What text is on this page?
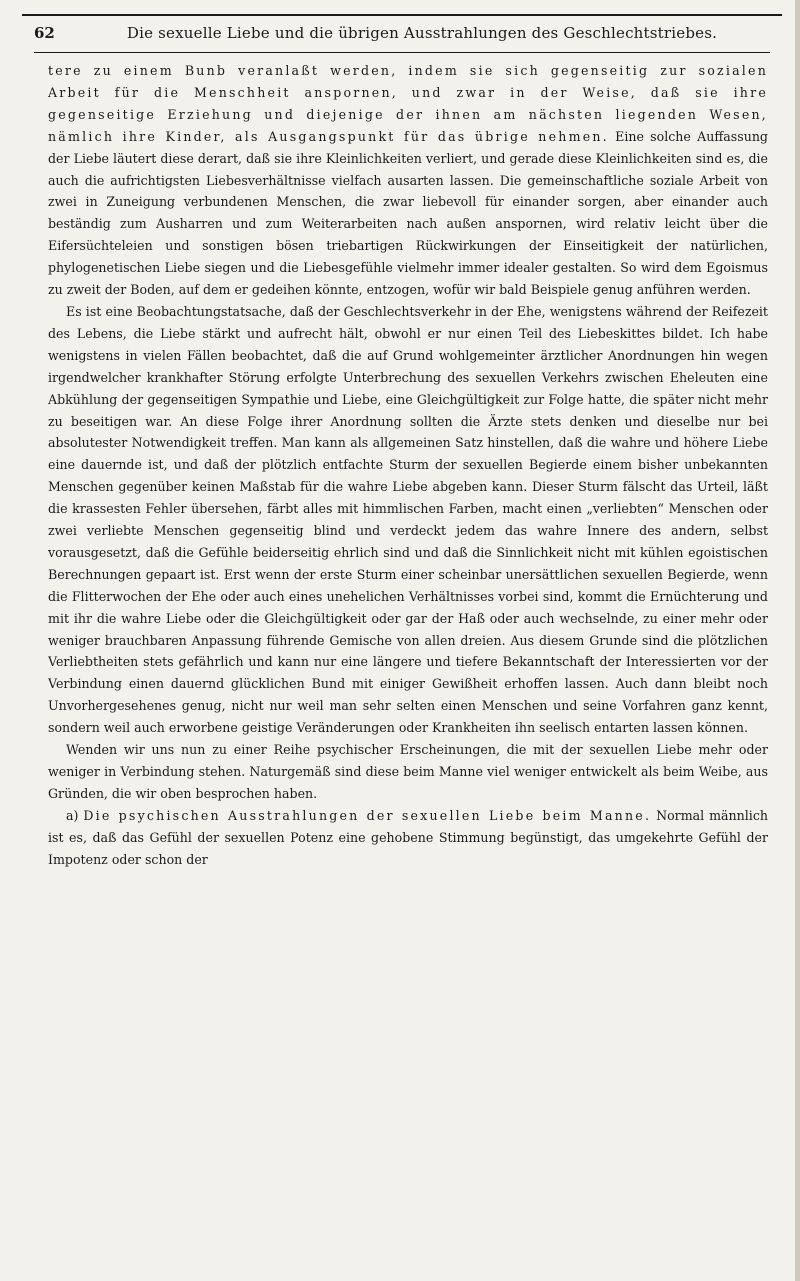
62	Die sexuelle Liebe und die übrigen Ausstrahlungen des Geschlechtstriebes.

tere zu einem Bunb veranlaßt werden, indem sie sich gegenseitig zur sozialen Arbeit für die Menschheit anspornen, und zwar in der Weise, daß sie ihre gegenseitige Erziehung und diejenige der ihnen am nächsten liegenden Wesen, nämlich ihre Kinder, als Ausgangspunkt für das übrige nehmen. Eine solche Auffassung der Liebe läutert diese derart, daß sie ihre Kleinlichkeiten verliert, und gerade diese Kleinlichkeiten sind es, die auch die aufrichtigsten Liebesverhältnisse vielfach ausarten lassen. Die gemeinschaftliche soziale Arbeit von zwei in Zuneigung verbundenen Menschen, die zwar liebevoll für einander sorgen, aber einander auch beständig zum Ausharren und zum Weiterarbeiten nach außen anspornen, wird relativ leicht über die Eifersüchteleien und sonstigen bösen triebartigen Rückwirkungen der Einseitigkeit der natürlichen, phylogenetischen Liebe siegen und die Liebesgefühle vielmehr immer idealer gestalten. So wird dem Egoismus zu zweit der Boden, auf dem er gedeihen könnte, entzogen, wofür wir bald Beispiele genug anführen werden.

Es ist eine Beobachtungstatsache, daß der Geschlechtsverkehr in der Ehe, wenigstens während der Reifezeit des Lebens, die Liebe stärkt und aufrecht hält, obwohl er nur einen Teil des Liebeskittes bildet. Ich habe wenigstens in vielen Fällen beobachtet, daß die auf Grund wohlgemeinter ärztlicher Anordnungen hin wegen irgendwelcher krankhafter Störung erfolgte Unterbrechung des sexuellen Verkehrs zwischen Eheleuten eine Abkühlung der gegenseitigen Sympathie und Liebe, eine Gleichgültigkeit zur Folge hatte, die später nicht mehr zu beseitigen war. An diese Folge ihrer Anordnung sollten die Ärzte stets denken und dieselbe nur bei absolutester Notwendigkeit treffen. Man kann als allgemeinen Satz hinstellen, daß die wahre und höhere Liebe eine dauernde ist, und daß der plötzlich entfachte Sturm der sexuellen Begierde einem bisher unbekannten Menschen gegenüber keinen Maßstab für die wahre Liebe abgeben kann. Dieser Sturm fälscht das Urteil, läßt die krassesten Fehler übersehen, färbt alles mit himmlischen Farben, macht einen „verliebten“ Menschen oder zwei verliebte Menschen gegenseitig blind und verdeckt jedem das wahre Innere des andern, selbst vorausgesetzt, daß die Gefühle beiderseitig ehrlich sind und daß die Sinnlichkeit nicht mit kühlen egoistischen Berechnungen gepaart ist. Erst wenn der erste Sturm einer scheinbar unersättlichen sexuellen Begierde, wenn die Flitterwochen der Ehe oder auch eines unehelichen Verhältnisses vorbei sind, kommt die Ernüchterung und mit ihr die wahre Liebe oder die Gleichgültigkeit oder gar der Haß oder auch wechselnde, zu einer mehr oder weniger brauchbaren Anpassung führende Gemische von allen dreien. Aus diesem Grunde sind die plötzlichen Verliebtheiten stets gefährlich und kann nur eine längere und tiefere Bekanntschaft der Interessierten vor der Verbindung einen dauernd glücklichen Bund mit einiger Gewißheit erhoffen lassen. Auch dann bleibt noch Unvorhergesehenes genug, nicht nur weil man sehr selten einen Menschen und seine Vorfahren ganz kennt, sondern weil auch erworbene geistige Veränderungen oder Krankheiten ihn seelisch entarten lassen können.

Wenden wir uns nun zu einer Reihe psychischer Erscheinungen, die mit der sexuellen Liebe mehr oder weniger in Verbindung stehen. Naturgemäß sind diese beim Manne viel weniger entwickelt als beim Weibe, aus Gründen, die wir oben besprochen haben.

a) Die psychischen Ausstrahlungen der sexuellen Liebe beim Manne. Normal männlich ist es, daß das Gefühl der sexuellen Potenz eine gehobene Stimmung begünstigt, das umgekehrte Gefühl der Impotenz oder schon der
